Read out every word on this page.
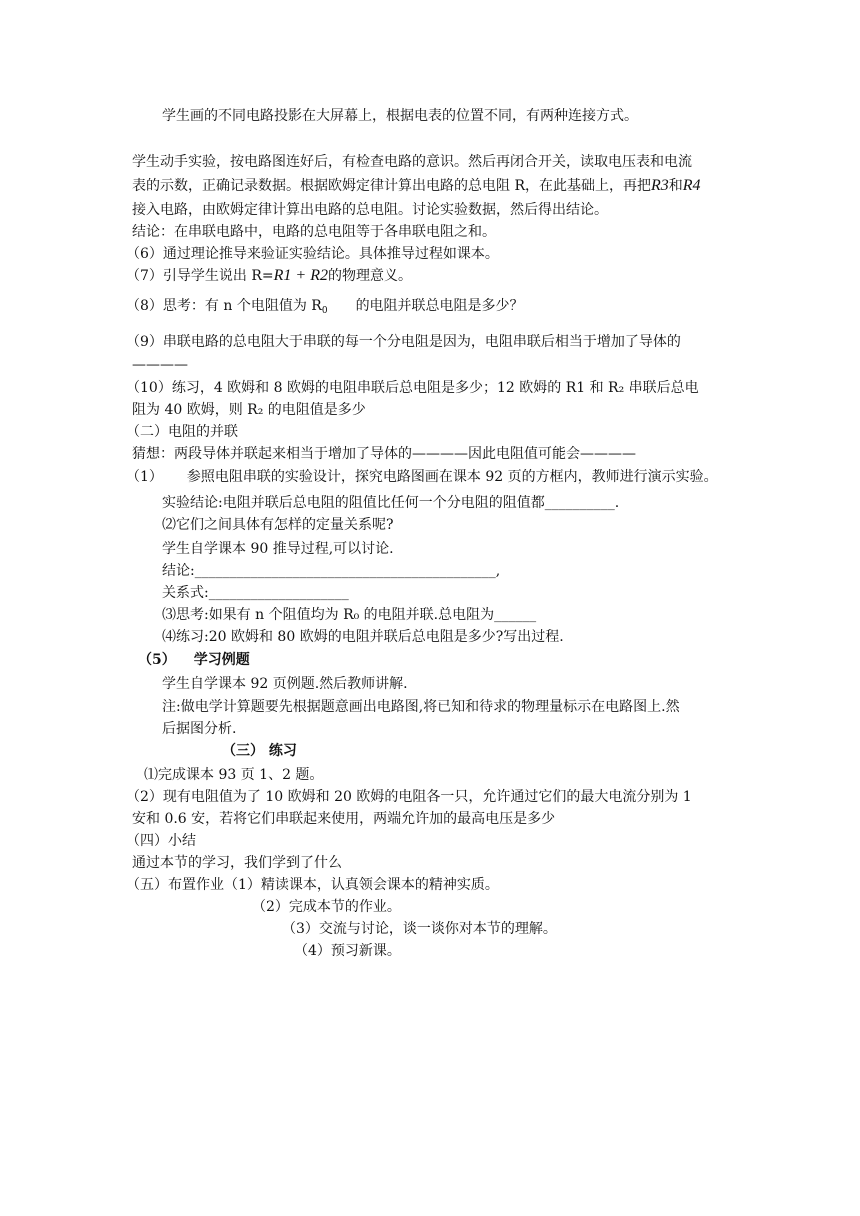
学生画的不同电路投影在大屏幕上，根据电表的位置不同，有两种连接方式。
学生动手实验，按电路图连好后，有检查电路的意识。然后再闭合开关，读取电压表和电流
表的示数，正确记录数据。根据欧姆定律计算出电路的总电阻 R，在此基础上，再把R3和R4
接入电路，由欧姆定律计算出电路的总电阻。讨论实验数据，然后得出结论。
结论：在串联电路中，电路的总电阻等于各串联电阻之和。
（6）通过理论推导来验证实验结论。具体推导过程如课本。
（7）引导学生说出 R=R1 + R2的物理意义。
（8）思考：有 n 个电阻值为 $R_0$ 的电阻并联总电阻是多少？
（9）串联电路的总电阻大于串联的每一个分电阻是因为，电阻串联后相当于增加了导体的
————
（10）练习，4 欧姆和 8 欧姆的电阻串联后总电阻是多少；12 欧姆的 R1 和 R₂ 串联后总电
阻为 40 欧姆，则 R₂ 的电阻值是多少
（二）电阻的并联
猜想：两段导体并联起来相当于增加了导体的————因此电阻值可能会————
（1） 参照电阻串联的实验设计，探究电路图画在课本 92 页的方框内，教师进行演示实验。
实验结论:电阻并联后总电阻的阻值比任何一个分电阻的阻值都__________.
⑵它们之间具体有怎样的定量关系呢?
学生自学课本 90 推导过程,可以讨论.
结论:___________________________________________,
关系式:____________________
⑶思考:如果有 n 个阻值均为 R₀ 的电阻并联.总电阻为______
⑷练习:20 欧姆和 80 欧姆的电阻并联后总电阻是多少?写出过程.
（5） 学习例题
学生自学课本 92 页例题.然后教师讲解.
注:做电学计算题要先根据题意画出电路图,将已知和待求的物理量标示在电路图上.然
后据图分析.
（三） 练习
⑴完成课本 93 页 1、2 题。
（2）现有电阻值为了 10 欧姆和 20 欧姆的电阻各一只，允许通过它们的最大电流分别为 1
安和 0.6 安，若将它们串联起来使用，两端允许加的最高电压是多少
（四）小结
通过本节的学习，我们学到了什么
（五）布置作业（1）精读课本，认真领会课本的精神实质。
（2）完成本节的作业。
（3）交流与讨论，谈一谈你对本节的理解。
（4）预习新课。
